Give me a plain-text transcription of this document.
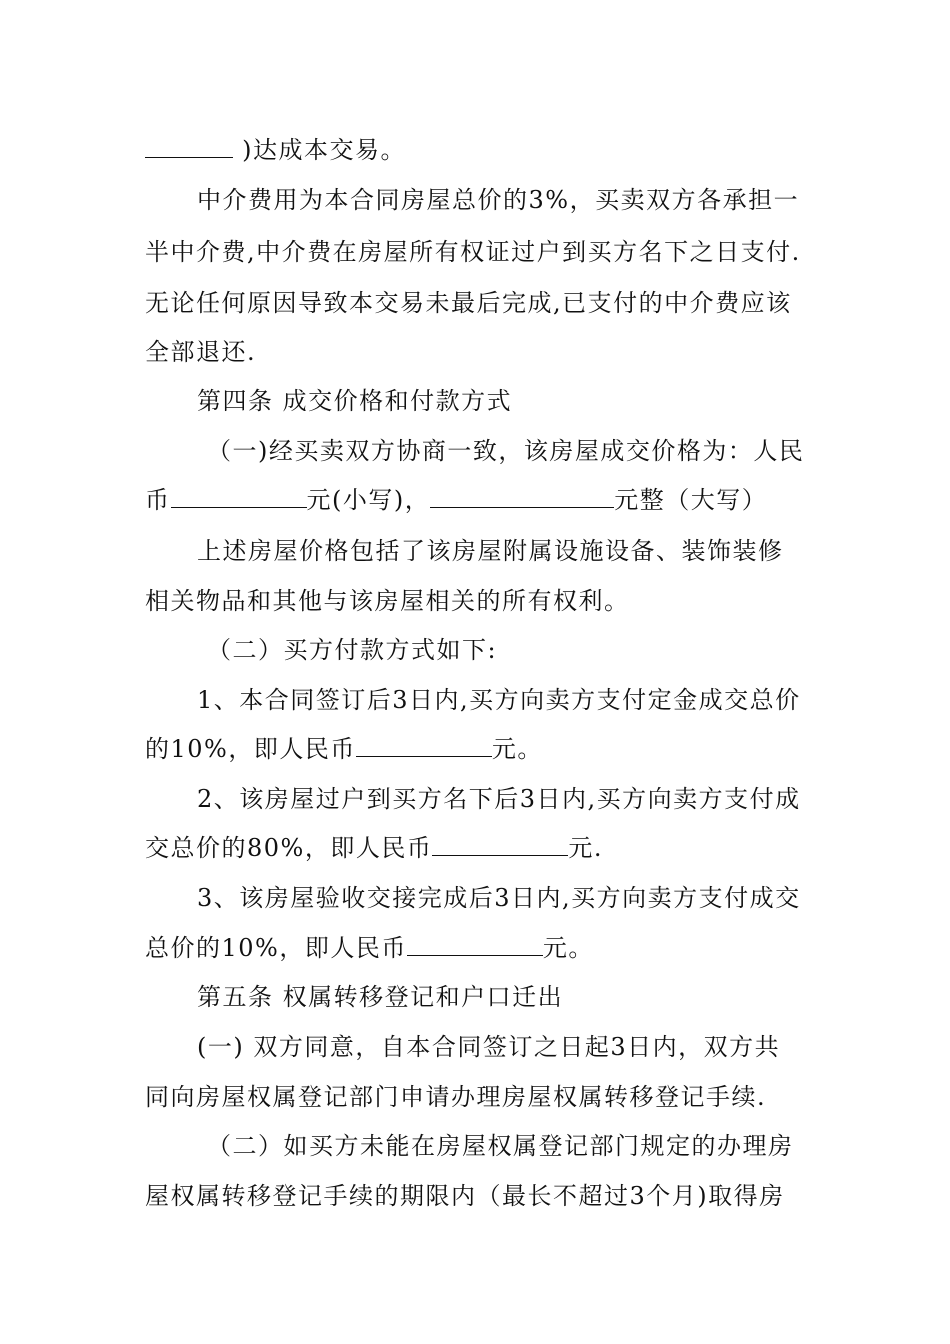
)达成本交易。
中介费用为本合同房屋总价的3%，买卖双方各承担一
半中介费,中介费在房屋所有权证过户到买方名下之日支付.
无论任何原因导致本交易未最后完成,已支付的中介费应该
全部退还.
第四条 成交价格和付款方式
（一)经买卖双方协商一致，该房屋成交价格为：人民
币	元(小写)，	元整（大写）
上述房屋价格包括了该房屋附属设施设备、装饰装修
相关物品和其他与该房屋相关的所有权利。
（二）买方付款方式如下:
1、本合同签订后3日内,买方向卖方支付定金成交总价
的10%，即人民币	元。
2、该房屋过户到买方名下后3日内,买方向卖方支付成
交总价的80%，即人民币	元.
3、该房屋验收交接完成后3日内,买方向卖方支付成交
总价的10%，即人民币	元。
第五条 权属转移登记和户口迁出
(一) 双方同意，自本合同签订之日起3日内，双方共
同向房屋权属登记部门申请办理房屋权属转移登记手续.
（二）如买方未能在房屋权属登记部门规定的办理房
屋权属转移登记手续的期限内（最长不超过3个月)取得房
